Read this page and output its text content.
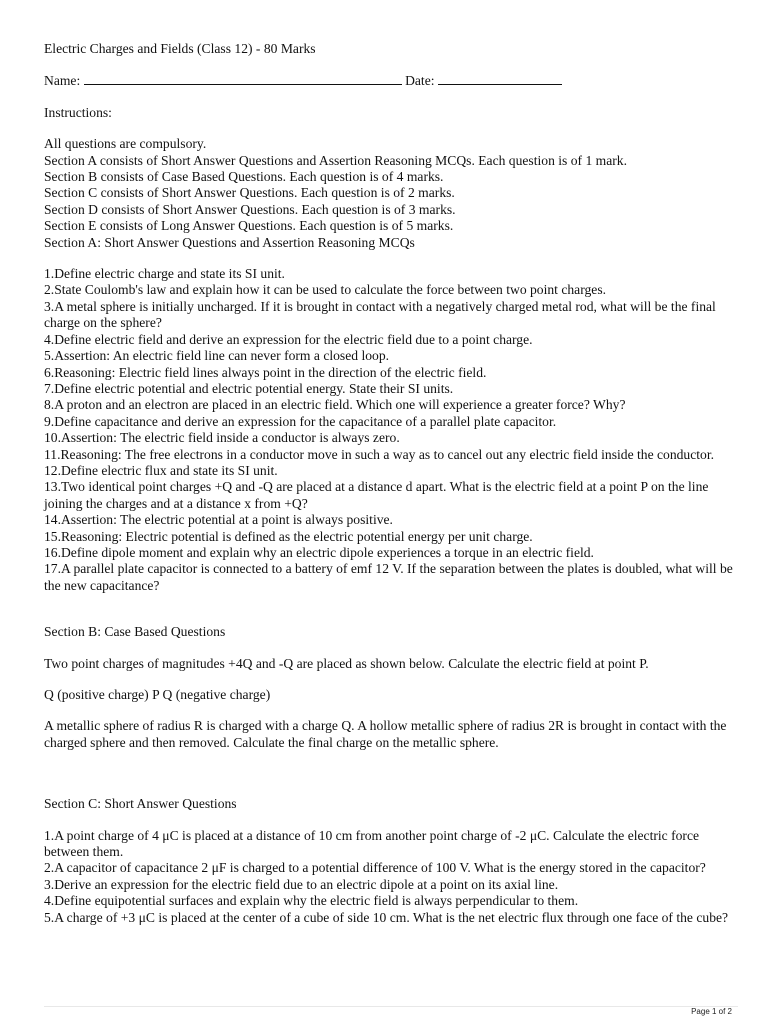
Electric Charges and Fields (Class 12) - 80 Marks

Name:	Date:

Instructions:

All questions are compulsory.

Section A consists of Short Answer Questions and Assertion Reasoning MCQs. Each question is of 1 mark.

Section B consists of Case Based Questions. Each question is of 4 marks.

Section C consists of Short Answer Questions. Each question is of 2 marks.

Section D consists of Short Answer Questions. Each question is of 3 marks.

Section E consists of Long Answer Questions. Each question is of 5 marks.

Section A: Short Answer Questions and Assertion Reasoning MCQs

1.Define electric charge and state its SI unit.

2.State Coulomb's law and explain how it can be used to calculate the force between two point charges.

3.A metal sphere is initially uncharged. If it is brought in contact with a negatively charged metal rod, what will be the final charge on the sphere?

4.Define electric field and derive an expression for the electric field due to a point charge.

5.Assertion: An electric field line can never form a closed loop.

6.Reasoning: Electric field lines always point in the direction of the electric field.

7.Define electric potential and electric potential energy. State their SI units.

8.A proton and an electron are placed in an electric field. Which one will experience a greater force? Why?

9.Define capacitance and derive an expression for the capacitance of a parallel plate capacitor.

10.Assertion: The electric field inside a conductor is always zero.

11.Reasoning: The free electrons in a conductor move in such a way as to cancel out any electric field inside the conductor.

12.Define electric flux and state its SI unit.

13.Two identical point charges +Q and -Q are placed at a distance d apart. What is the electric field at a point P on the line joining the charges and at a distance x from +Q?

14.Assertion: The electric potential at a point is always positive.

15.Reasoning: Electric potential is defined as the electric potential energy per unit charge.

16.Define dipole moment and explain why an electric dipole experiences a torque in an electric field.

17.A parallel plate capacitor is connected to a battery of emf 12 V. If the separation between the plates is doubled, what will be the new capacitance?

Section B: Case Based Questions

Two point charges of magnitudes +4Q and -Q are placed as shown below. Calculate the electric field at point P.

Q (positive charge) P Q (negative charge)

A metallic sphere of radius R is charged with a charge Q. A hollow metallic sphere of radius 2R is brought in contact with the charged sphere and then removed. Calculate the final charge on the metallic sphere.

Section C: Short Answer Questions

1.A point charge of 4 μC is placed at a distance of 10 cm from another point charge of -2 μC. Calculate the electric force between them.

2.A capacitor of capacitance 2 μF is charged to a potential difference of 100 V. What is the energy stored in the capacitor?

3.Derive an expression for the electric field due to an electric dipole at a point on its axial line.

4.Define equipotential surfaces and explain why the electric field is always perpendicular to them.

5.A charge of +3 μC is placed at the center of a cube of side 10 cm. What is the net electric flux through one face of the cube?

Page 1 of 2
